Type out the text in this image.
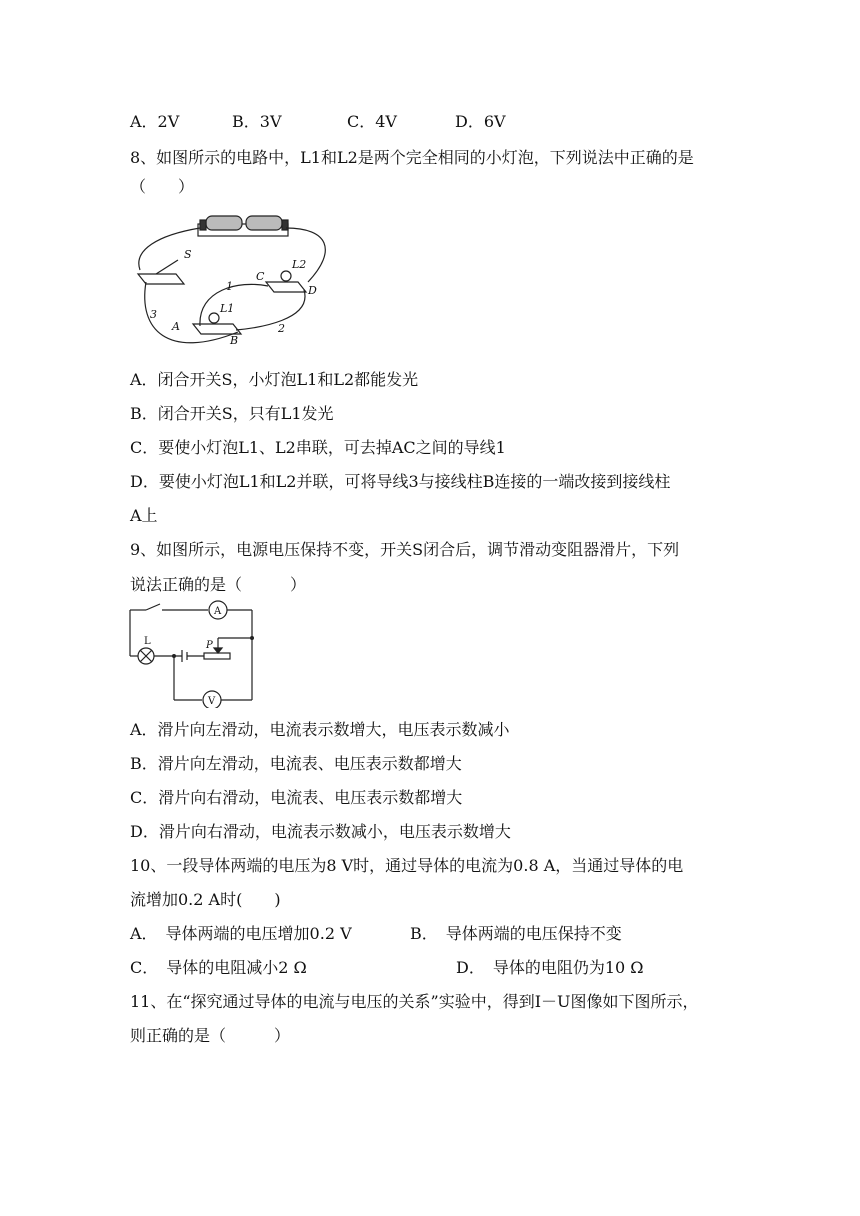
A．2V	B．3V	C．4V	D．6V
8、如图所示的电路中，L1和L2是两个完全相同的小灯泡，下列说法中正确的是
（　　）
S
C
L2
1	D
3	L1
A
B
2
A．闭合开关S，小灯泡L1和L2都能发光
B．闭合开关S，只有L1发光
C．要使小灯泡L1、L2串联，可去掉AC之间的导线1
D．要使小灯泡L1和L2并联，可将导线3与接线柱B连接的一端改接到接线柱
A上
9、如图所示，电源电压保持不变，开关S闭合后，调节滑动变阻器滑片，下列
说法正确的是（　　　）
A
L	P
V
A．滑片向左滑动，电流表示数增大，电压表示数减小
B．滑片向左滑动，电流表、电压表示数都增大
C．滑片向右滑动，电流表、电压表示数都增大
D．滑片向右滑动，电流表示数减小，电压表示数增大
10、一段导体两端的电压为8 V时，通过导体的电流为0.8 A，当通过导体的电
流增加0.2 A时(　　)
A．　导体两端的电压增加0.2 V	B．　导体两端的电压保持不变
C．　导体的电阻减小2 Ω	D．　导体的电阻仍为10 Ω
11、在“探究通过导体的电流与电压的关系”实验中，得到I－U图像如下图所示，
则正确的是（　　　）
